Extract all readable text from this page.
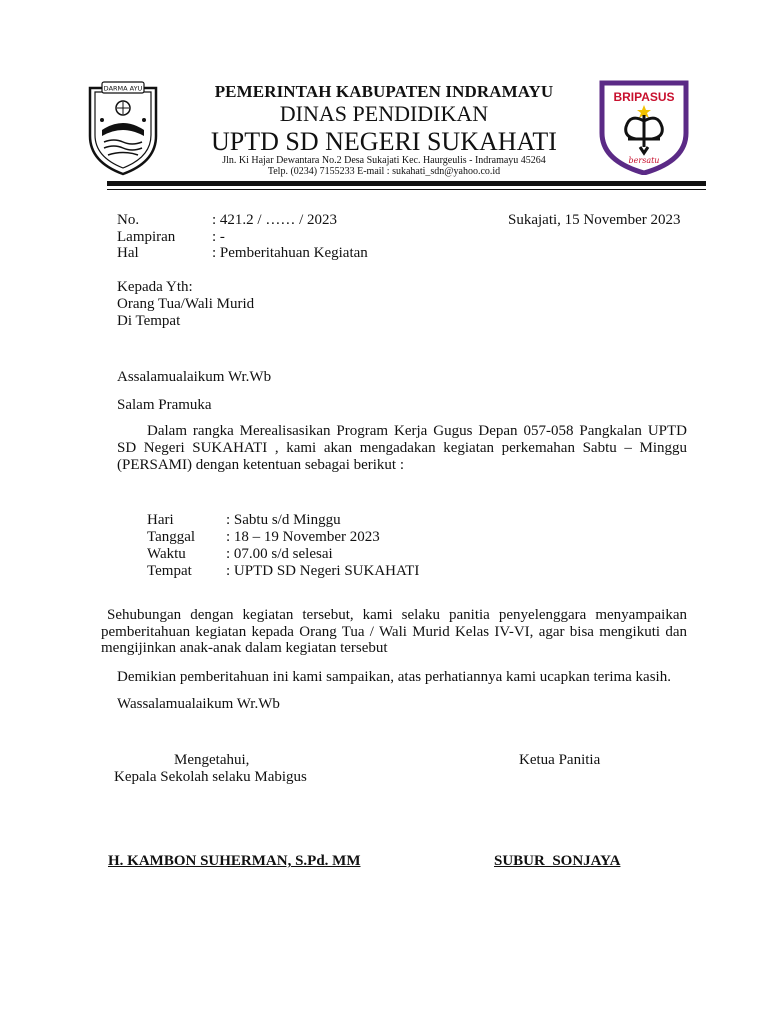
DARMA AYU	PEMERINTAH KABUPATEN INDRAMAYU
DINAS PENDIDIKAN
UPTD SD NEGERI SUKAHATI
Jln. Ki Hajar Dewantara No.2 Desa Sukajati Kec. Haurgeulis - Indramayu 45264
Telp. (0234) 7155233 E-mail : sukahati_sdn@yahoo.co.id
BRIPASUS
bersatu
No.	: 421.2 / …… / 2023	Sukajati, 15 November 2023
Lampiran : -
Hal	: Pemberitahuan Kegiatan
Kepada Yth:
Orang Tua/Wali Murid
Di Tempat
Assalamualaikum Wr.Wb
Salam Pramuka
Dalam rangka Merealisasikan Program Kerja Gugus Depan 057-058 Pangkalan UPTD
SD Negeri SUKAHATI , kami akan mengadakan kegiatan perkemahan Sabtu – Minggu
(PERSAMI) dengan ketentuan sebagai berikut :
Hari	: Sabtu s/d Minggu
Tanggal : 18 – 19 November 2023
Waktu	: 07.00 s/d selesai
Tempat : UPTD SD Negeri SUKAHATI
Sehubungan dengan kegiatan tersebut, kami selaku panitia penyelenggara menyampaikan
pemberitahuan kegiatan kepada Orang Tua / Wali Murid Kelas IV-VI, agar bisa mengikuti dan
mengijinkan anak-anak dalam kegiatan tersebut
Demikian pemberitahuan ini kami sampaikan, atas perhatiannya kami ucapkan terima kasih.
Wassalamualaikum Wr.Wb
Mengetahui,
Kepala Sekolah selaku Mabigus
Ketua Panitia
H. KAMBON SUHERMAN, S.Pd. MM	SUBUR  SONJAYA
